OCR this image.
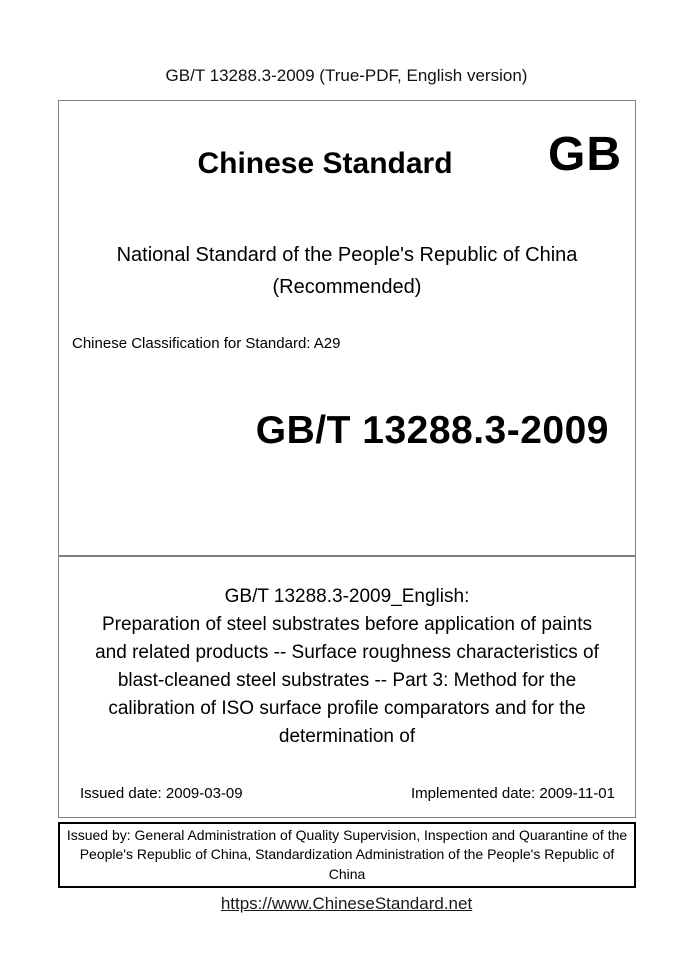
GB/T 13288.3-2009 (True-PDF, English version)
Chinese Standard	GB
National Standard of the People's Republic of China
(Recommended)
Chinese Classification for Standard: A29
GB/T 13288.3-2009
GB/T 13288.3-2009_English:
Preparation of steel substrates before application of paints
and related products -- Surface roughness characteristics of
blast-cleaned steel substrates -- Part 3: Method for the
calibration of ISO surface profile comparators and for the
determination of
Issued date: 2009-03-09	Implemented date: 2009-11-01
Issued by: General Administration of Quality Supervision, Inspection and Quarantine of the People's Republic of China, Standardization Administration of the People's Republic of China
https://www.ChineseStandard.net
